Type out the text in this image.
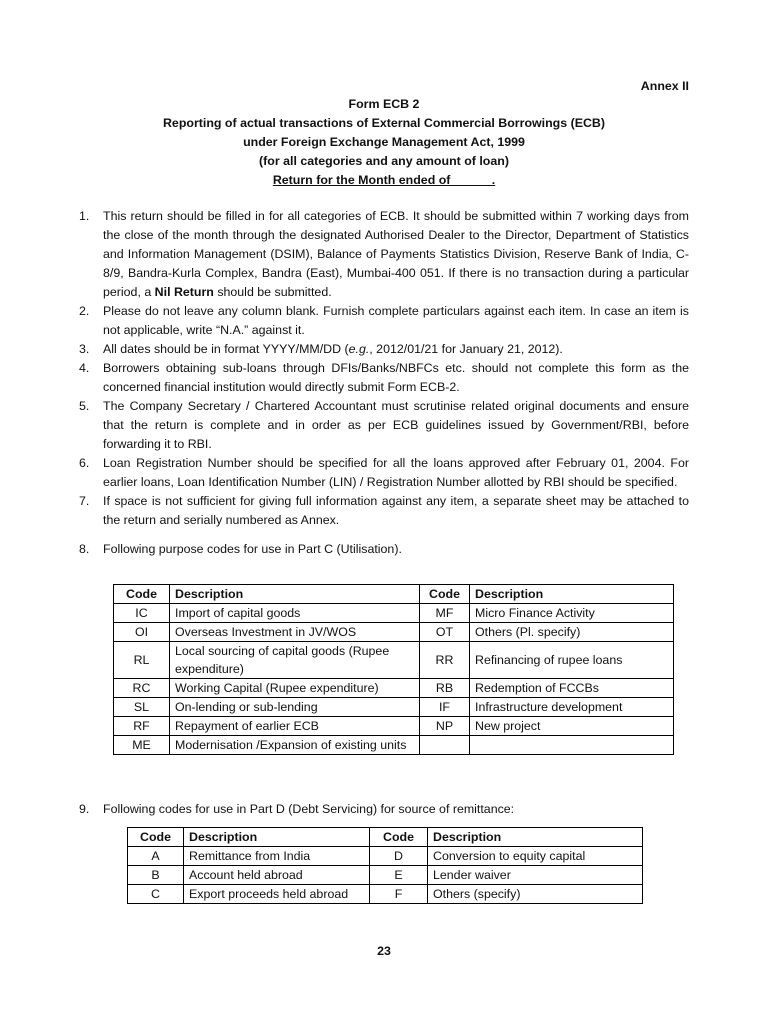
Annex II
Form ECB 2
Reporting of actual transactions of External Commercial Borrowings (ECB)
under Foreign Exchange Management Act, 1999
(for all categories and any amount of loan)
Return for the Month ended of            .
1. This return should be filled in for all categories of ECB. It should be submitted within 7 working days from the close of the month through the designated Authorised Dealer to the Director, Department of Statistics and Information Management (DSIM), Balance of Payments Statistics Division, Reserve Bank of India, C-8/9, Bandra-Kurla Complex, Bandra (East), Mumbai-400 051. If there is no transaction during a particular period, a Nil Return should be submitted.
2. Please do not leave any column blank. Furnish complete particulars against each item. In case an item is not applicable, write “N.A.” against it.
3. All dates should be in format YYYY/MM/DD (e.g., 2012/01/21 for January 21, 2012).
4. Borrowers obtaining sub-loans through DFIs/Banks/NBFCs etc. should not complete this form as the concerned financial institution would directly submit Form ECB-2.
5. The Company Secretary / Chartered Accountant must scrutinise related original documents and ensure that the return is complete and in order as per ECB guidelines issued by Government/RBI, before forwarding it to RBI.
6. Loan Registration Number should be specified for all the loans approved after February 01, 2004. For earlier loans, Loan Identification Number (LIN) / Registration Number allotted by RBI should be specified.
7. If space is not sufficient for giving full information against any item, a separate sheet may be attached to the return and serially numbered as Annex.
8. Following purpose codes for use in Part C (Utilisation).
Code	Description	Code	Description
IC	Import of capital goods	MF	Micro Finance Activity
OI	Overseas Investment in JV/WOS	OT	Others (Pl. specify)
RL	Local sourcing of capital goods (Rupee expenditure)	RR	Refinancing of rupee loans
RC	Working Capital (Rupee expenditure)	RB	Redemption of FCCBs
SL	On-lending or sub-lending	IF	Infrastructure development
RF	Repayment of earlier ECB	NP	New project
ME	Modernisation /Expansion of existing units		
9. Following codes for use in Part D (Debt Servicing) for source of remittance:
Code	Description	Code	Description
A	Remittance from India	D	Conversion to equity capital
B	Account held abroad	E	Lender waiver
C	Export proceeds held abroad	F	Others (specify)
23
